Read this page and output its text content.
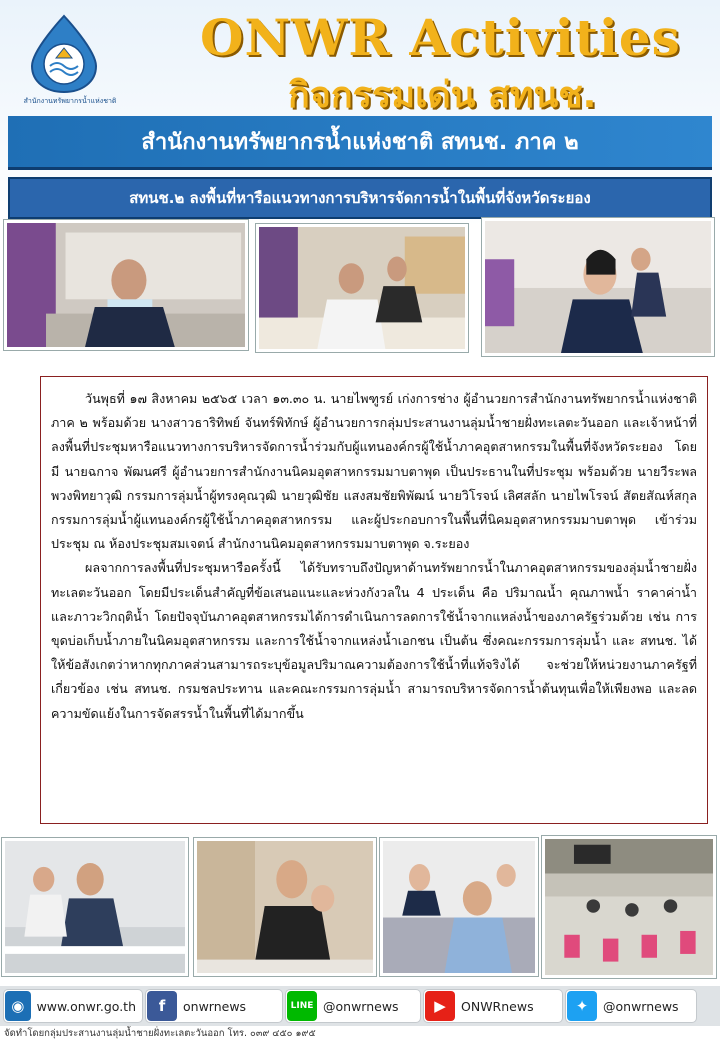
สำนักงานทรัพยากรน้ำแห่งชาติ
ONWR Activities
กิจกรรมเด่น สทนช.
สำนักงานทรัพยากรน้ำแห่งชาติ สทนช. ภาค ๒
สทนช.๒ ลงพื้นที่หารือแนวทางการบริหารจัดการน้ำในพื้นที่จังหวัดระยอง

วันพุธที่ ๑๗ สิงหาคม ๒๕๖๕ เวลา ๑๓.๓๐ น. นายไพฑูรย์ เก่งการช่าง ผู้อำนวยการสำนักงานทรัพยากรน้ำแห่งชาติภาค ๒ พร้อมด้วย นางสาวธาริทิพย์ จันทร์พิทักษ์ ผู้อำนวยการกลุ่มประสานงานลุ่มน้ำชายฝั่งทะเลตะวันออก และเจ้าหน้าที่ ลงพื้นที่ประชุมหารือแนวทางการบริหารจัดการน้ำร่วมกับผู้แทนองค์กรผู้ใช้น้ำภาคอุตสาหกรรมในพื้นที่จังหวัดระยอง โดยมี นายฉกาจ พัฒนศรี ผู้อำนวยการสำนักงานนิคมอุตสาหกรรมมาบตาพุด เป็นประธานในที่ประชุม พร้อมด้วย นายวีระพล พวงพิทยาวุฒิ กรรมการลุ่มน้ำผู้ทรงคุณวุฒิ นายวุฒิชัย แสงสมชัยพิพัฒน์ นายวิโรจน์ เลิศสลัก นายไพโรจน์ สัตยสัณห์สกุล กรรมการลุ่มน้ำผู้แทนองค์กรผู้ใช้น้ำภาคอุตสาหกรรม และผู้ประกอบการในพื้นที่นิคมอุตสาหกรรมมาบตาพุด เข้าร่วมประชุม ณ ห้องประชุมสมเจตน์ สำนักงานนิคมอุตสาหกรรมมาบตาพุด จ.ระยอง

ผลจากการลงพื้นที่ประชุมหารือครั้งนี้ ได้รับทราบถึงปัญหาด้านทรัพยากรน้ำในภาคอุตสาหกรรมของลุ่มน้ำชายฝั่งทะเลตะวันออก โดยมีประเด็นสำคัญที่ข้อเสนอแนะและห่วงกังวลใน 4 ประเด็น คือ ปริมาณน้ำ คุณภาพน้ำ ราคาค่าน้ำ และภาวะวิกฤติน้ำ โดยปัจจุบันภาคอุตสาหกรรมได้การดำเนินการลดการใช้น้ำจากแหล่งน้ำของภาครัฐร่วมด้วย เช่น การขุดบ่อเก็บน้ำภายในนิคมอุตสาหกรรม และการใช้น้ำจากแหล่งน้ำเอกชน เป็นต้น ซึ่งคณะกรรมการลุ่มน้ำ และ สทนช. ได้ให้ข้อสังเกตว่าหากทุกภาคส่วนสามารถระบุข้อมูลปริมาณความต้องการใช้น้ำที่แท้จริงได้ จะช่วยให้หน่วยงานภาครัฐที่เกี่ยวข้อง เช่น สทนช. กรมชลประทาน และคณะกรรมการลุ่มน้ำ สามารถบริหารจัดการน้ำต้นทุนเพื่อให้เพียงพอ และลดความขัดแย้งในการจัดสรรน้ำในพื้นที่ได้มากขึ้น

◉ www.onwr.go.th	f	onwrnews	LINE @onwrnews	▶	ONWRnews	✦	@onwrnews
จัดทำโดยกลุ่มประสานงานลุ่มน้ำชายฝั่งทะเลตะวันออก โทร. ๐๓๙ ๔๕๐ ๑๙๕
